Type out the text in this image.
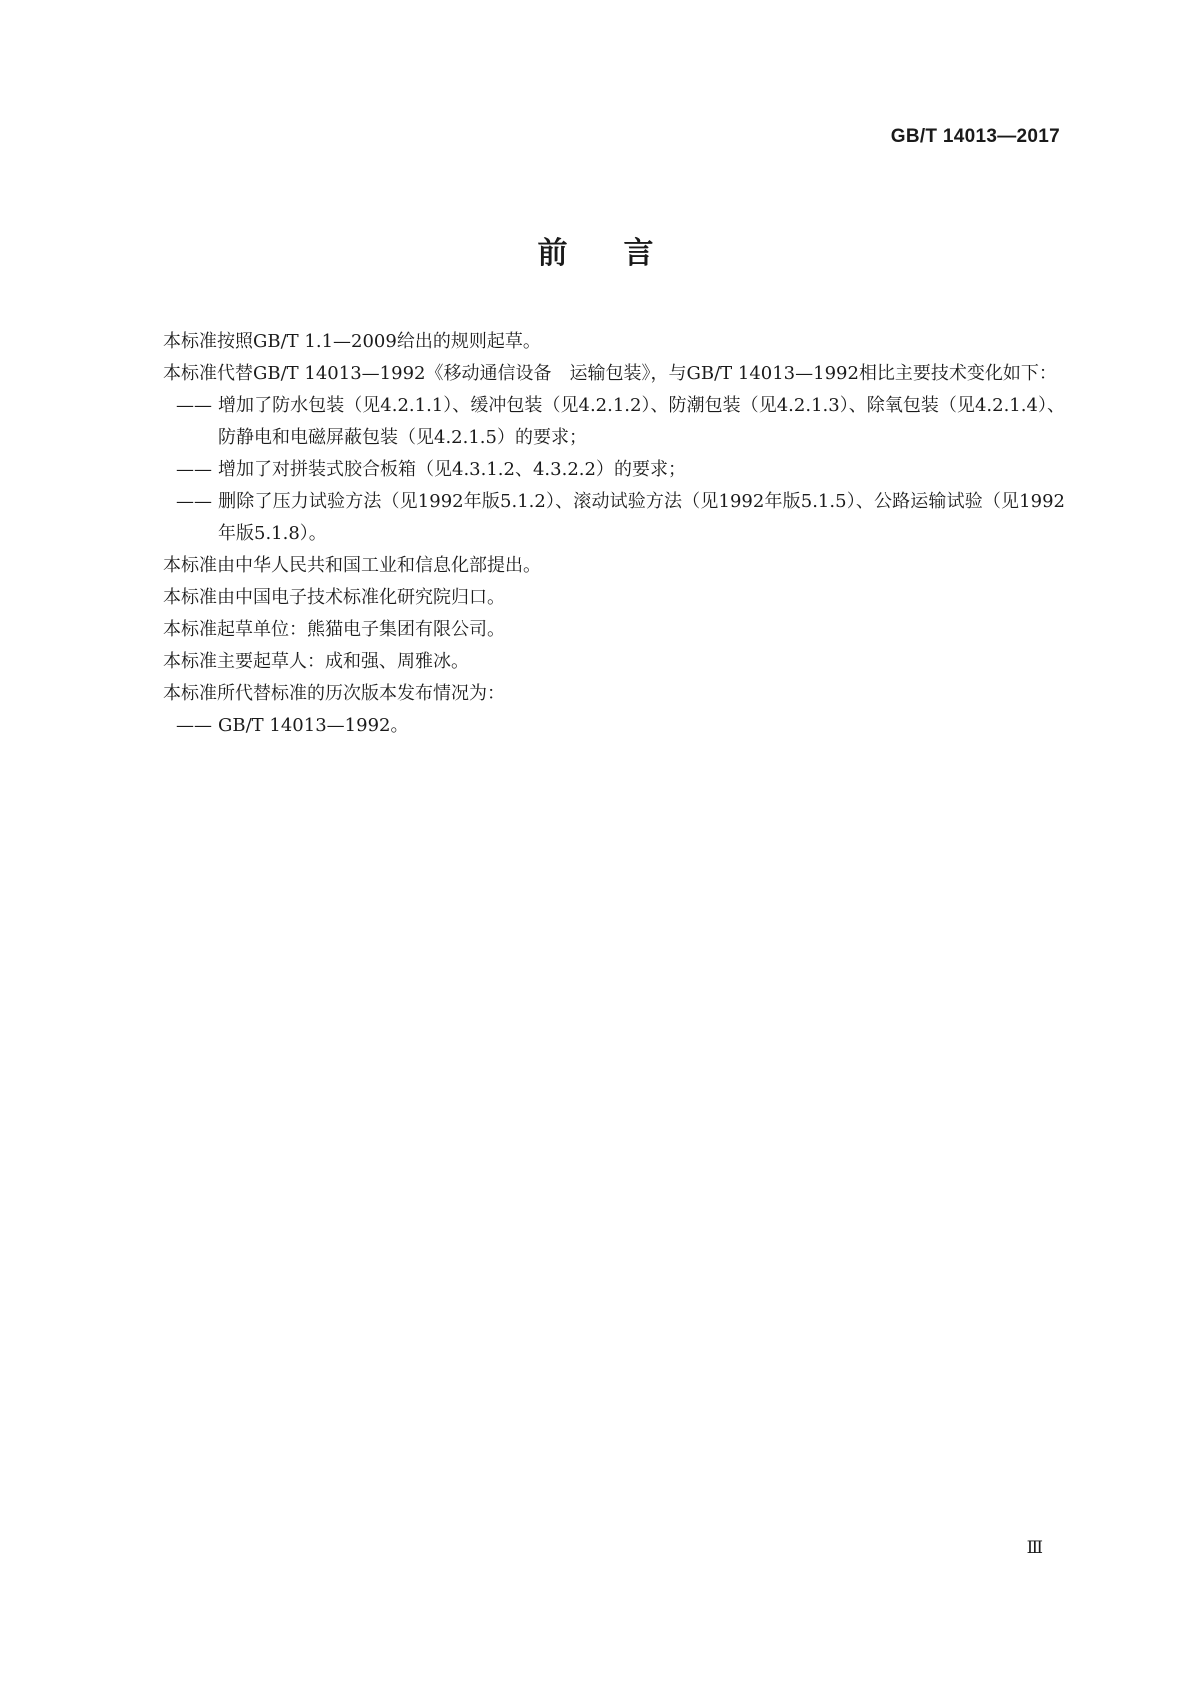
GB/T 14013—2017
前言

本标准按照GB/T 1.1—2009给出的规则起草。

本标准代替GB/T 14013—1992《移动通信设备　运输包装》，与GB/T 14013—1992相比主要技术变化如下：

—— 增加了防水包装（见4.2.1.1）、缓冲包装（见4.2.1.2）、防潮包装（见4.2.1.3）、除氧包装（见4.2.1.4）、防静电和电磁屏蔽包装（见4.2.1.5）的要求；

—— 增加了对拼装式胶合板箱（见4.3.1.2、4.3.2.2）的要求；

—— 删除了压力试验方法（见1992年版5.1.2）、滚动试验方法（见1992年版5.1.5）、公路运输试验（见1992年版5.1.8）。

本标准由中华人民共和国工业和信息化部提出。

本标准由中国电子技术标准化研究院归口。

本标准起草单位：熊猫电子集团有限公司。

本标准主要起草人：成和强、周雅冰。

本标准所代替标准的历次版本发布情况为：

—— GB/T 14013—1992。

Ⅲ
